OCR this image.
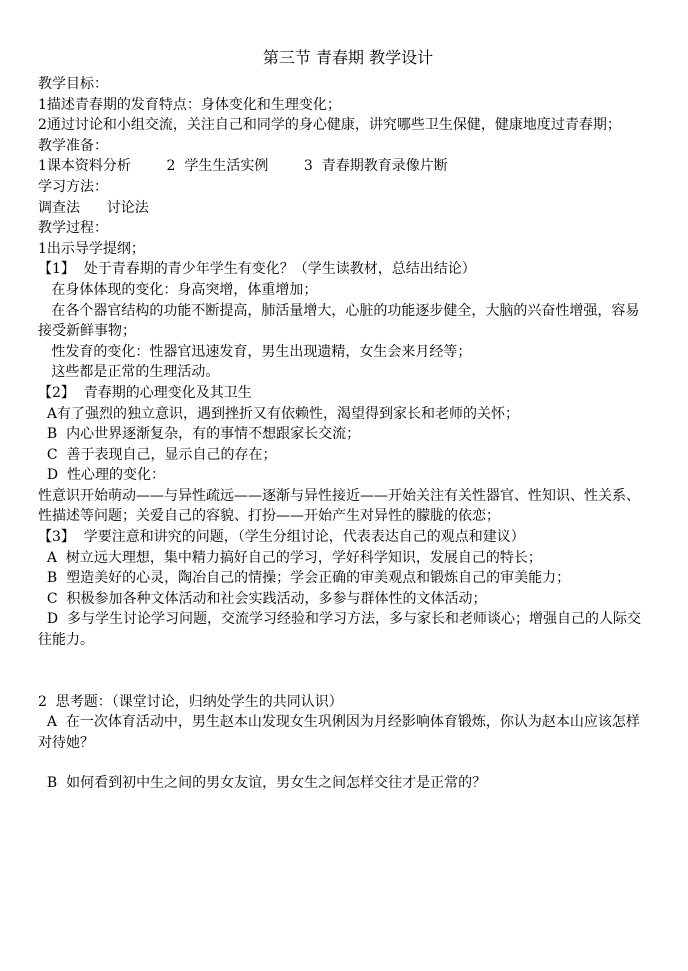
第三节 青春期 教学设计
教学目标：
1描述青春期的发育特点：身体变化和生理变化；
2通过讨论和小组交流，关注自己和同学的身心健康，讲究哪些卫生保健，健康地度过青春期；
教学准备：
1课本资料分析        2  学生生活实例        3  青春期教育录像片断
学习方法：
调查法      讨论法
教学过程：
1出示导学提纲；
【1】  处于青春期的青少年学生有变化？（学生读教材，总结出结论）
在身体体现的变化：身高突增，体重增加；
在各个器官结构的功能不断提高，肺活量增大，心脏的功能逐步健全，大脑的兴奋性增强，容易接受新鲜事物；
性发育的变化：性器官迅速发育，男生出现遗精，女生会来月经等；
这些都是正常的生理活动。
【2】  青春期的心理变化及其卫生
A有了强烈的独立意识，遇到挫折又有依赖性，渴望得到家长和老师的关怀；
B  内心世界逐渐复杂，有的事情不想跟家长交流；
C  善于表现自己，显示自己的存在；
D  性心理的变化：
性意识开始萌动——与异性疏远——逐渐与异性接近——开始关注有关性器官、性知识、性关系、性描述等问题；关爱自己的容貌、打扮——开始产生对异性的朦胧的依恋；
【3】  学要注意和讲究的问题，（学生分组讨论，代表表达自己的观点和建议）
A  树立远大理想，集中精力搞好自己的学习，学好科学知识，发展自己的特长；
B  塑造美好的心灵，陶冶自己的情操；学会正确的审美观点和锻炼自己的审美能力；
C  积极参加各种文体活动和社会实践活动，多参与群体性的文体活动；
D  多与学生讨论学习问题，交流学习经验和学习方法，多与家长和老师谈心；增强自己的人际交往能力。
2  思考题：（课堂讨论，归纳处学生的共同认识）
A  在一次体育活动中，男生赵本山发现女生巩俐因为月经影响体育锻炼，你认为赵本山应该怎样对待她？
B  如何看到初中生之间的男女友谊，男女生之间怎样交往才是正常的？
